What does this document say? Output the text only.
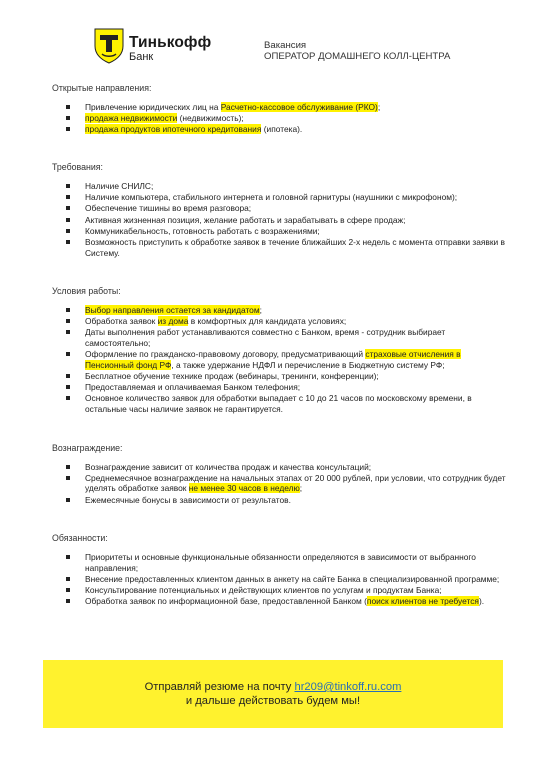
Тинькофф
Банк
Вакансия
ОПЕРАТОР ДОМАШНЕГО КОЛЛ-ЦЕНТРА
Открытые направления:
Привлечение юридических лиц на Расчетно-кассовое обслуживание (РКО);
продажа недвижимости (недвижимость);
продажа продуктов ипотечного кредитования (ипотека).
Требования:
Наличие СНИЛС;
Наличие компьютера, стабильного интернета и головной гарнитуры (наушники с микрофоном);
Обеспечение тишины во время разговора;
Активная жизненная позиция, желание работать и зарабатывать в сфере продаж;
Коммуникабельность, готовность работать с возражениями;
Возможность приступить к обработке заявок в течение ближайших 2-х недель с момента отправки заявки в Систему.
Условия работы:
Выбор направления остается за кандидатом;
Обработка заявок из дома в комфортных для кандидата условиях;
Даты выполнения работ устанавливаются совместно с Банком, время - сотрудник выбирает самостоятельно;
Оформление по гражданско-правовому договору, предусматривающий страховые отчисления в Пенсионный фонд РФ, а также удержание НДФЛ и перечисление в Бюджетную систему РФ;
Бесплатное обучение технике продаж (вебинары, тренинги, конференции);
Предоставляемая и оплачиваемая Банком телефония;
Основное количество заявок для обработки выпадает с 10 до 21 часов по московскому времени, в остальные часы наличие заявок не гарантируется.
Вознаграждение:
Вознаграждение зависит от количества продаж и качества консультаций;
Среднемесячное вознаграждение на начальных этапах от 20 000 рублей, при условии, что сотрудник будет уделять обработке заявок не менее 30 часов в неделю;
Ежемесячные бонусы в зависимости от результатов.
Обязанности:
Приоритеты и основные функциональные обязанности определяются в зависимости от выбранного направления;
Внесение предоставленных клиентом данных в анкету на сайте Банка в специализированной программе;
Консультирование потенциальных и действующих клиентов по услугам и продуктам Банка;
Обработка заявок по информационной базе, предоставленной Банком (поиск клиентов не требуется).
Отправляй резюме на почту hr209@tinkoff.ru.com
и дальше действовать будем мы!
